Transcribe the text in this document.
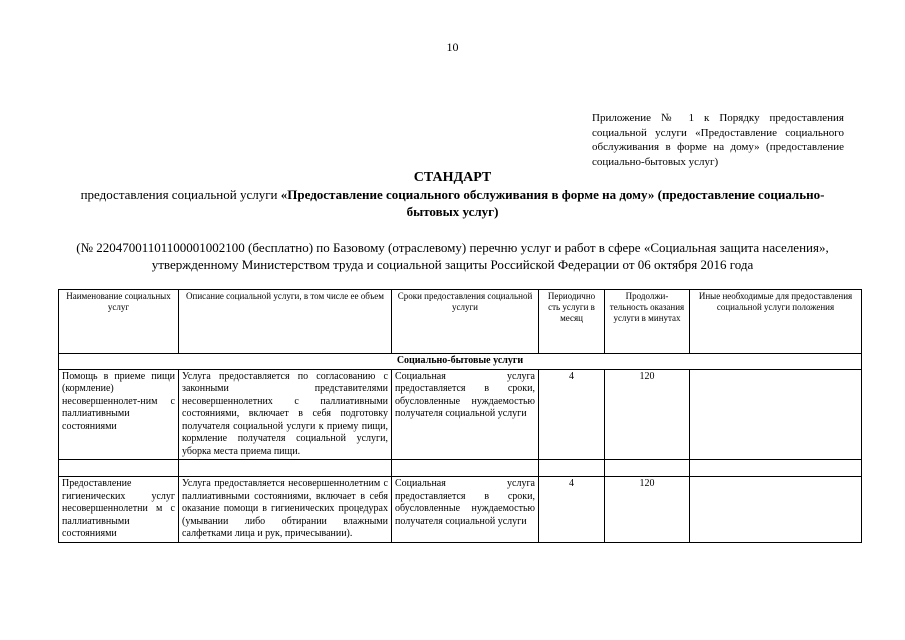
10
Приложение № 1 к Порядку предоставления социальной услуги «Предоставление социального обслуживания в форме на дому» (предоставление социально-бытовых услуг)
СТАНДАРТ
предоставления социальной услуги «Предоставление социального обслуживания в форме на дому» (предоставление социально-бытовых услуг)
(№ 22047001101100001002100 (бесплатно) по Базовому (отраслевому) перечню услуг и работ в сфере «Социальная защита населения», утвержденному Министерством труда и социальной защиты Российской Федерации от 06 октября 2016 года
Наименование социальных услуг	Описание социальной услуги, в том числе ее объем	Сроки предоставления социальной услуги	Периодично сть услуги в месяц	Продолжи-тельность оказания услуги в минутах	Иные необходимые для предоставления социальной услуги положения
Социально-бытовые услуги					
Помощь в приеме пищи (кормление) несовершеннолет-ним с паллиативными состояниями	Услуга предоставляется по согласованию с законными представителями несовершеннолетних с паллиативными состояниями, включает в себя подготовку получателя социальной услуги к приему пищи, кормление получателя социальной услуги, уборка места приема пищи.	Социальная услуга предоставляется в сроки, обусловленные нуждаемостью получателя социальной услуги	4	120	

Предоставление гигиенических услуг несовершеннолетни м с паллиативными состояниями	Услуга предоставляется несовершеннолетним с паллиативными состояниями, включает в себя оказание помощи в гигиенических процедурах (умывании либо обтирании влажными салфетками лица и рук, причесывании).	Социальная услуга предоставляется в сроки, обусловленные нуждаемостью получателя социальной услуги	4	120	
